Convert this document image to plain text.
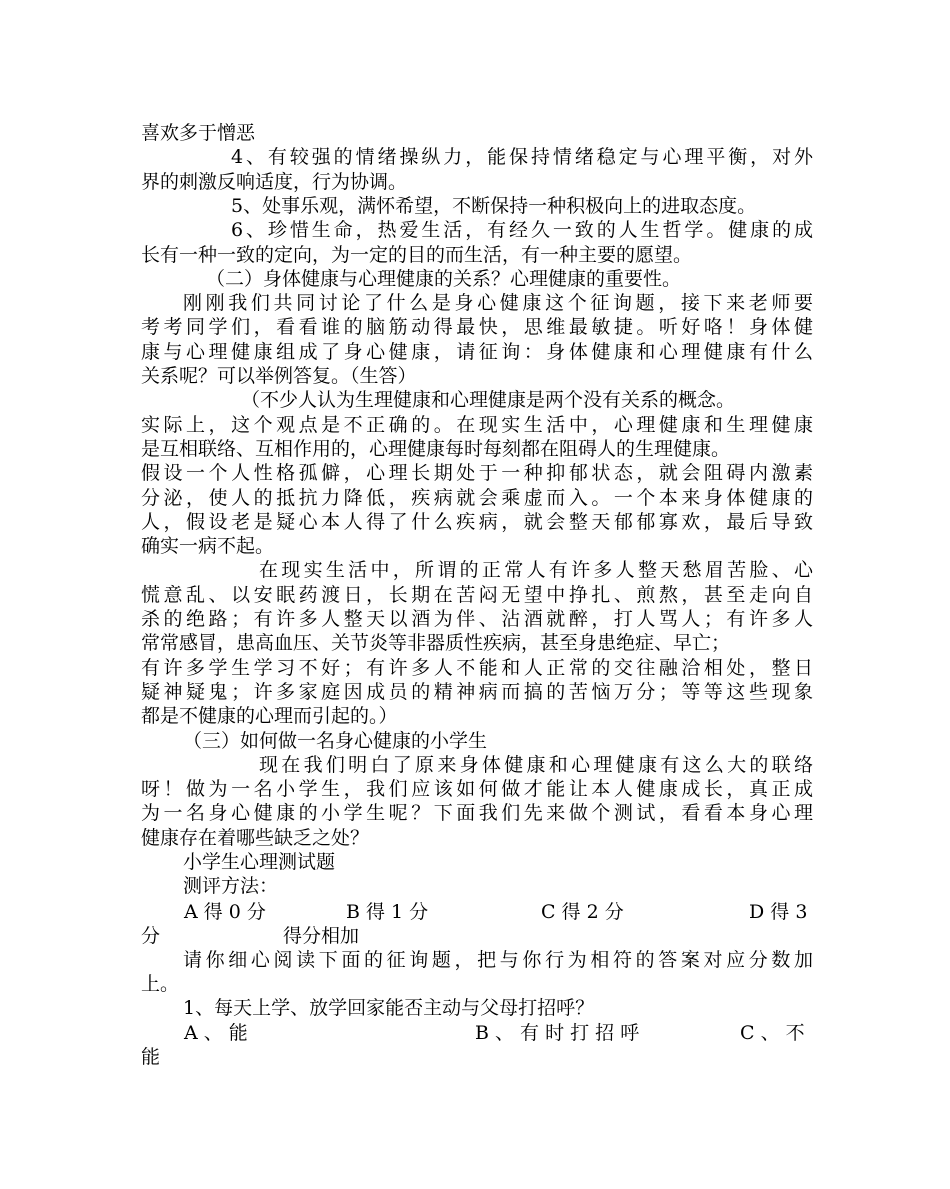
喜欢多于憎恶
4、有较强的情绪操纵力，能保持情绪稳定与心理平衡，对外
界的刺激反响适度，行为协调。
5、处事乐观，满怀希望，不断保持一种积极向上的进取态度。
6、珍惜生命，热爱生活，有经久一致的人生哲学。健康的成
长有一种一致的定向，为一定的目的而生活，有一种主要的愿望。
（二）身体健康与心理健康的关系？心理健康的重要性。
刚刚我们共同讨论了什么是身心健康这个征询题，接下来老师要
考考同学们，看看谁的脑筋动得最快，思维最敏捷。听好咯！身体健
康与心理健康组成了身心健康，请征询：身体健康和心理健康有什么
关系呢？可以举例答复。（生答）
（不少人认为生理健康和心理健康是两个没有关系的概念。
实际上，这个观点是不正确的。在现实生活中，心理健康和生理健康
是互相联络、互相作用的，心理健康每时每刻都在阻碍人的生理健康。
假设一个人性格孤僻，心理长期处于一种抑郁状态，就会阻碍内激素
分泌，使人的抵抗力降低，疾病就会乘虚而入。一个本来身体健康的
人，假设老是疑心本人得了什么疾病，就会整天郁郁寡欢，最后导致
确实一病不起。
在现实生活中，所谓的正常人有许多人整天愁眉苦脸、心
慌意乱、以安眠药渡日，长期在苦闷无望中挣扎、煎熬，甚至走向自
杀的绝路；有许多人整天以酒为伴、沾酒就醉，打人骂人；有许多人
常常感冒，患高血压、关节炎等非器质性疾病，甚至身患绝症、早亡；
有许多学生学习不好；有许多人不能和人正常的交往融洽相处，整日
疑神疑鬼；许多家庭因成员的精神病而搞的苦恼万分；等等这些现象
都是不健康的心理而引起的。）
（三）如何做一名身心健康的小学生
现在我们明白了原来身体健康和心理健康有这么大的联络
呀！做为一名小学生，我们应该如何做才能让本人健康成长，真正成
为一名身心健康的小学生呢？下面我们先来做个测试，看看本身心理
健康存在着哪些缺乏之处？
小学生心理测试题
测评方法：
A 得 0 分	B 得 1 分	C 得 2 分	D 得 3
分	得分相加
请你细心阅读下面的征询题，把与你行为相符的答案对应分数加
上。
1、每天上学、放学回家能否主动与父母打招呼？
A 、 能	B 、 有 时 打 招 呼	C 、 不
能
